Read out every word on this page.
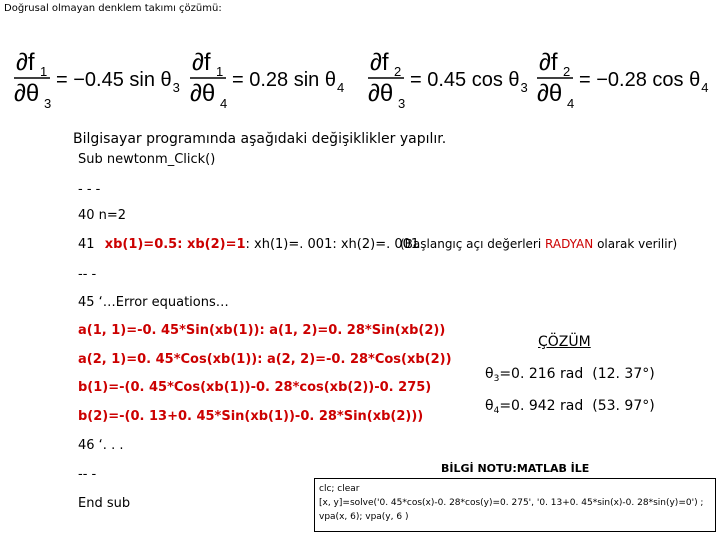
Doğrusal olmayan denklem takımı çözümü:
∂f 1
∂θ 3
= −0.45 sin θ 3
∂f 1
∂θ 4
= 0.28 sin θ 4
∂f 2
∂θ 3
= 0.45 cos θ 3
∂f 2
∂θ 4
= −0.28 cos θ 4
Bilgisayar programında aşağıdaki değişiklikler yapılır.
Sub newtonm_Click()
- - -
40 n=2
41 xb(1)=0.5: xb(2)=1: xh(1)=. 001: xh(2)=. 001
-- -
45 ‘…Error equations…
a(1, 1)=-0. 45*Sin(xb(1)): a(1, 2)=0. 28*Sin(xb(2))
a(2, 1)=0. 45*Cos(xb(1)): a(2, 2)=-0. 28*Cos(xb(2))
b(1)=-(0. 45*Cos(xb(1))-0. 28*cos(xb(2))-0. 275)
b(2)=-(0. 13+0. 45*Sin(xb(1))-0. 28*Sin(xb(2)))
46 ‘. . .
-- -
End sub
(Başlangıç açı değerleri RADYAN olarak verilir)
ÇÖZÜM
$\theta_3=0$. 216 rad (12. 37°)
$\theta_4=0$. 942 rad (53. 97°)
BİLGİ NOTU:MATLAB İLE
clc; clear
[x, y]=solve('0. 45*cos(x)-0. 28*cos(y)=0. 275', '0. 13+0. 45*sin(x)-0. 28*sin(y)=0') ;
vpa(x, 6); vpa(y, 6 )
